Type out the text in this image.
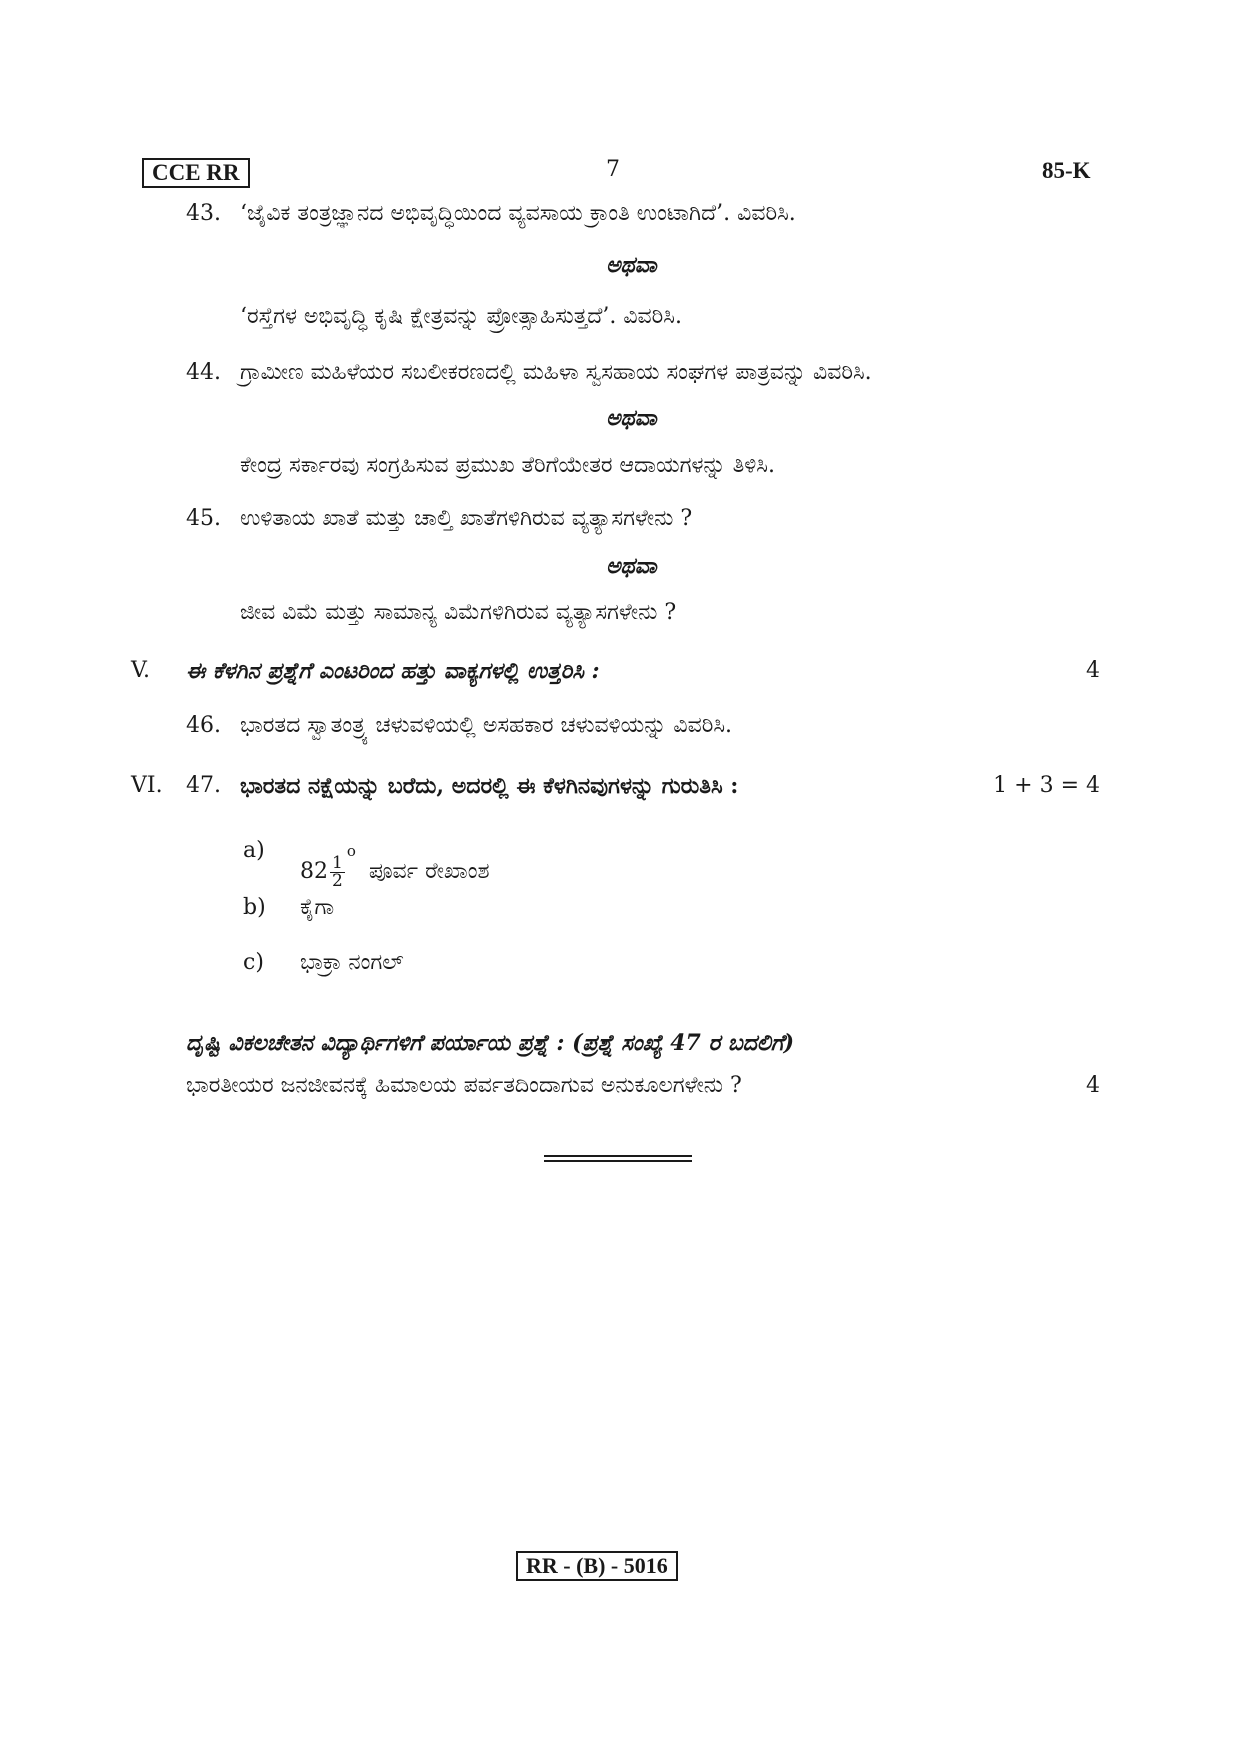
CCE RR	7	85-K
43. ‘ಜೈವಿಕ ತಂತ್ರಜ್ಞಾನದ ಅಭಿವೃದ್ಧಿಯಿಂದ ವ್ಯವಸಾಯ ಕ್ರಾಂತಿ ಉಂಟಾಗಿದೆ’. ವಿವರಿಸಿ.
ಅಥವಾ
‘ರಸ್ತೆಗಳ ಅಭಿವೃದ್ಧಿ ಕೃಷಿ ಕ್ಷೇತ್ರವನ್ನು ಪ್ರೋತ್ಸಾಹಿಸುತ್ತದೆ’. ವಿವರಿಸಿ.
44. ಗ್ರಾಮೀಣ ಮಹಿಳೆಯರ ಸಬಲೀಕರಣದಲ್ಲಿ ಮಹಿಳಾ ಸ್ವಸಹಾಯ ಸಂಘಗಳ ಪಾತ್ರವನ್ನು ವಿವರಿಸಿ.
ಅಥವಾ
ಕೇಂದ್ರ ಸರ್ಕಾರವು ಸಂಗ್ರಹಿಸುವ ಪ್ರಮುಖ ತೆರಿಗೆಯೇತರ ಆದಾಯಗಳನ್ನು ತಿಳಿಸಿ.
45. ಉಳಿತಾಯ ಖಾತೆ ಮತ್ತು ಚಾಲ್ತಿ ಖಾತೆಗಳಿಗಿರುವ ವ್ಯತ್ಯಾಸಗಳೇನು ?
ಅಥವಾ
ಜೀವ ವಿಮೆ ಮತ್ತು ಸಾಮಾನ್ಯ ವಿಮೆಗಳಿಗಿರುವ ವ್ಯತ್ಯಾಸಗಳೇನು ?
V. ಈ ಕೆಳಗಿನ ಪ್ರಶ್ನೆಗೆ ಎಂಟರಿಂದ ಹತ್ತು ವಾಕ್ಯಗಳಲ್ಲಿ ಉತ್ತರಿಸಿ :	4
46. ಭಾರತದ ಸ್ವಾತಂತ್ರ್ಯ ಚಳುವಳಿಯಲ್ಲಿ ಅಸಹಕಾರ ಚಳುವಳಿಯನ್ನು ವಿವರಿಸಿ.
VI. 47. ಭಾರತದ ನಕ್ಷೆಯನ್ನು ಬರೆದು, ಅದರಲ್ಲಿ ಈ ಕೆಳಗಿನವುಗಳನ್ನು ಗುರುತಿಸಿ :	1 + 3 = 4
a)
$82 \frac{1}{2}$
$^o$ ಪೂರ್ವ ರೇಖಾಂಶ
b) ಕೈಗಾ
c) ಭಾಕ್ರಾ ನಂಗಲ್
ದೃಷ್ಟಿ ವಿಕಲಚೇತನ ವಿದ್ಯಾರ್ಥಿಗಳಿಗೆ ಪರ್ಯಾಯ ಪ್ರಶ್ನೆ : (ಪ್ರಶ್ನೆ ಸಂಖ್ಯೆ 47 ರ ಬದಲಿಗೆ)
ಭಾರತೀಯರ ಜನಜೀವನಕ್ಕೆ ಹಿಮಾಲಯ ಪರ್ವತದಿಂದಾಗುವ ಅನುಕೂಲಗಳೇನು ?	4
RR - (B) - 5016
